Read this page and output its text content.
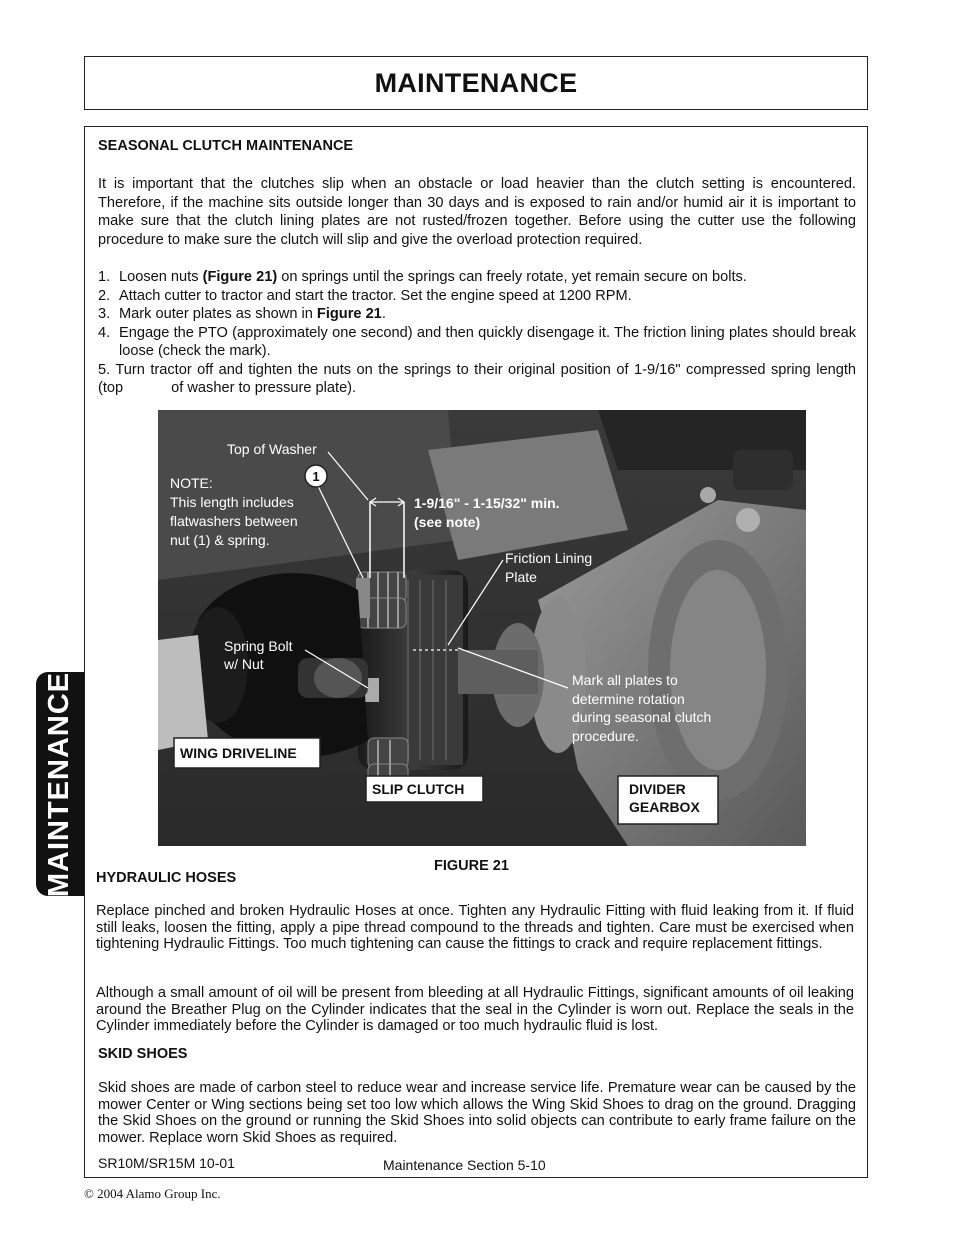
MAINTENANCE
MAINTENANCE
SEASONAL CLUTCH MAINTENANCE

It is important that the clutches slip when an obstacle or load heavier than the clutch setting is encountered. Therefore, if the machine sits outside longer than 30 days and is exposed to rain and/or humid air it is important to make sure that the clutch lining plates are not rusted/frozen together. Before using the cutter use the following procedure to make sure the clutch will slip and give the overload protection required.

1. Loosen nuts (Figure 21) on springs until the springs can freely rotate, yet remain secure on bolts.
2. Attach cutter to tractor and start the tractor. Set the engine speed at 1200 RPM.
3. Mark outer plates as shown in Figure 21.
4. Engage the PTO (approximately one second) and then quickly disengage it. The friction lining plates should break loose (check the mark).
5. Turn tractor off and tighten the nuts on the springs to their original position of 1-9/16" compressed spring length (top	of washer to pressure plate).
1
Top of Washer
NOTE:
This length includes
flatwashers between
nut (1) & spring.
1-9/16" - 1-15/32" min.
(see note)
Friction Lining
Plate
Spring Bolt
w/ Nut
Mark all plates to
determine rotation
during seasonal clutch
procedure.
WING DRIVELINE
SLIP CLUTCH	DIVIDER
GEARBOX
FIGURE 21
HYDRAULIC HOSES

Replace pinched and broken Hydraulic Hoses at once. Tighten any Hydraulic Fitting with fluid leaking from it. If fluid still leaks, loosen the fitting, apply a pipe thread compound to the threads and tighten. Care must be exercised when tightening Hydraulic Fittings. Too much tightening can cause the fittings to crack and require replacement fittings.

Although a small amount of oil will be present from bleeding at all Hydraulic Fittings, significant amounts of oil leaking around the Breather Plug on the Cylinder indicates that the seal in the Cylinder is worn out. Replace the seals in the Cylinder immediately before the Cylinder is damaged or too much hydraulic fluid is lost.

SKID SHOES

Skid shoes are made of carbon steel to reduce wear and increase service life. Premature wear can be caused by the mower Center or Wing sections being set too low which allows the Wing Skid Shoes to drag on the ground. Dragging the Skid Shoes on the ground or running the Skid Shoes into solid objects can contribute to early frame failure on the mower. Replace worn Skid Shoes as required.

SR10M/SR15M 10-01	Maintenance Section 5-10
© 2004 Alamo Group Inc.
